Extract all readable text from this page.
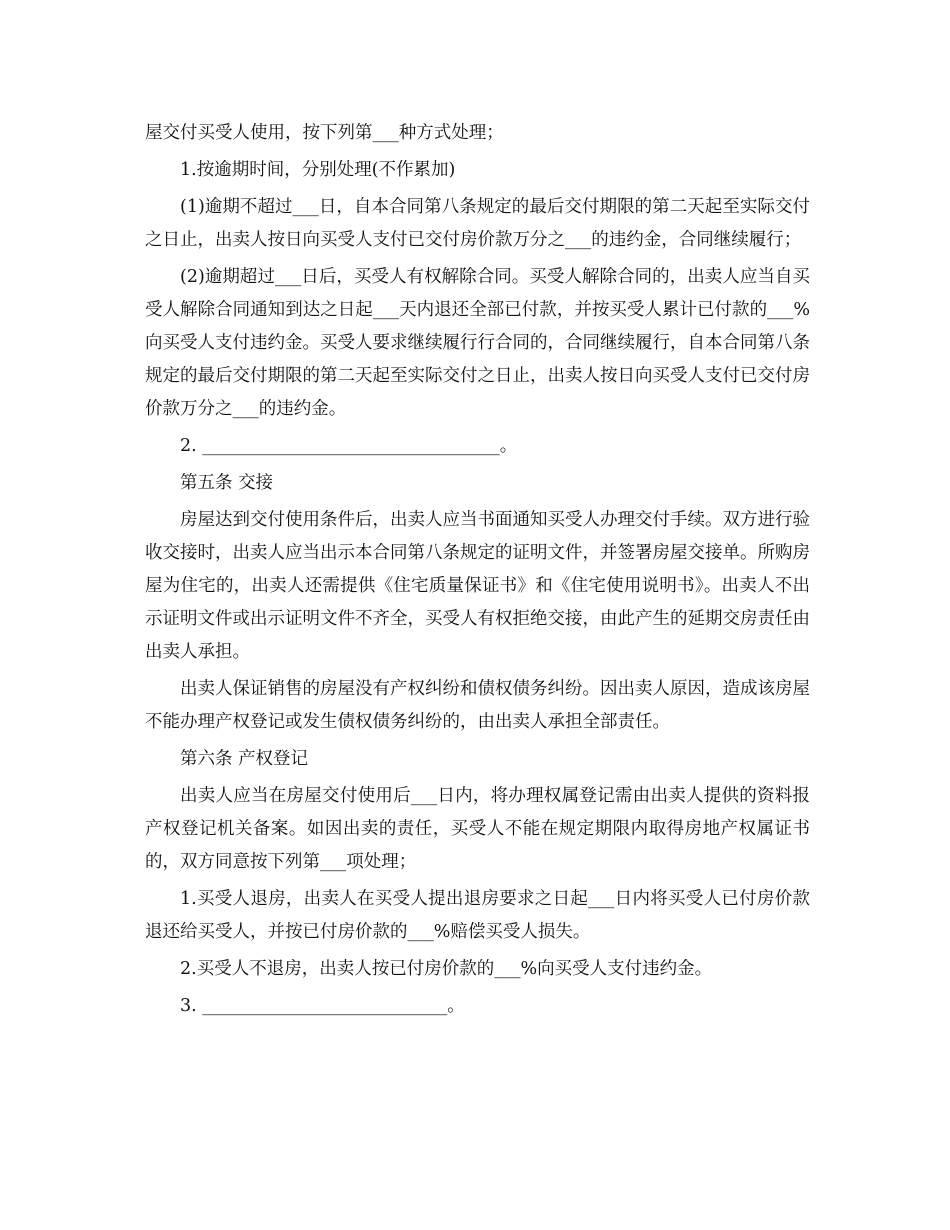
屋交付买受人使用，按下列第___种方式处理；

1.按逾期时间，分别处理(不作累加)

(1)逾期不超过___日，自本合同第八条规定的最后交付期限的第二天起至实际交付之日止，出卖人按日向买受人支付已交付房价款万分之___的违约金，合同继续履行；

(2)逾期超过___日后，买受人有权解除合同。买受人解除合同的，出卖人应当自买受人解除合同通知到达之日起___天内退还全部已付款，并按买受人累计已付款的___%向买受人支付违约金。买受人要求继续履行行合同的，合同继续履行，自本合同第八条规定的最后交付期限的第二天起至实际交付之日止，出卖人按日向买受人支付已交付房价款万分之___的违约金。

2. __________________________________。

第五条 交接

房屋达到交付使用条件后，出卖人应当书面通知买受人办理交付手续。双方进行验收交接时，出卖人应当出示本合同第八条规定的证明文件，并签署房屋交接单。所购房屋为住宅的，出卖人还需提供《住宅质量保证书》和《住宅使用说明书》。出卖人不出示证明文件或出示证明文件不齐全，买受人有权拒绝交接，由此产生的延期交房责任由出卖人承担。

出卖人保证销售的房屋没有产权纠纷和债权债务纠纷。因出卖人原因，造成该房屋不能办理产权登记或发生债权债务纠纷的，由出卖人承担全部责任。

第六条 产权登记

出卖人应当在房屋交付使用后___日内，将办理权属登记需由出卖人提供的资料报产权登记机关备案。如因出卖的责任，买受人不能在规定期限内取得房地产权属证书的，双方同意按下列第___项处理；

1.买受人退房，出卖人在买受人提出退房要求之日起___日内将买受人已付房价款退还给买受人，并按已付房价款的___%赔偿买受人损失。

2.买受人不退房，出卖人按已付房价款的___%向买受人支付违约金。

3. ____________________________。
